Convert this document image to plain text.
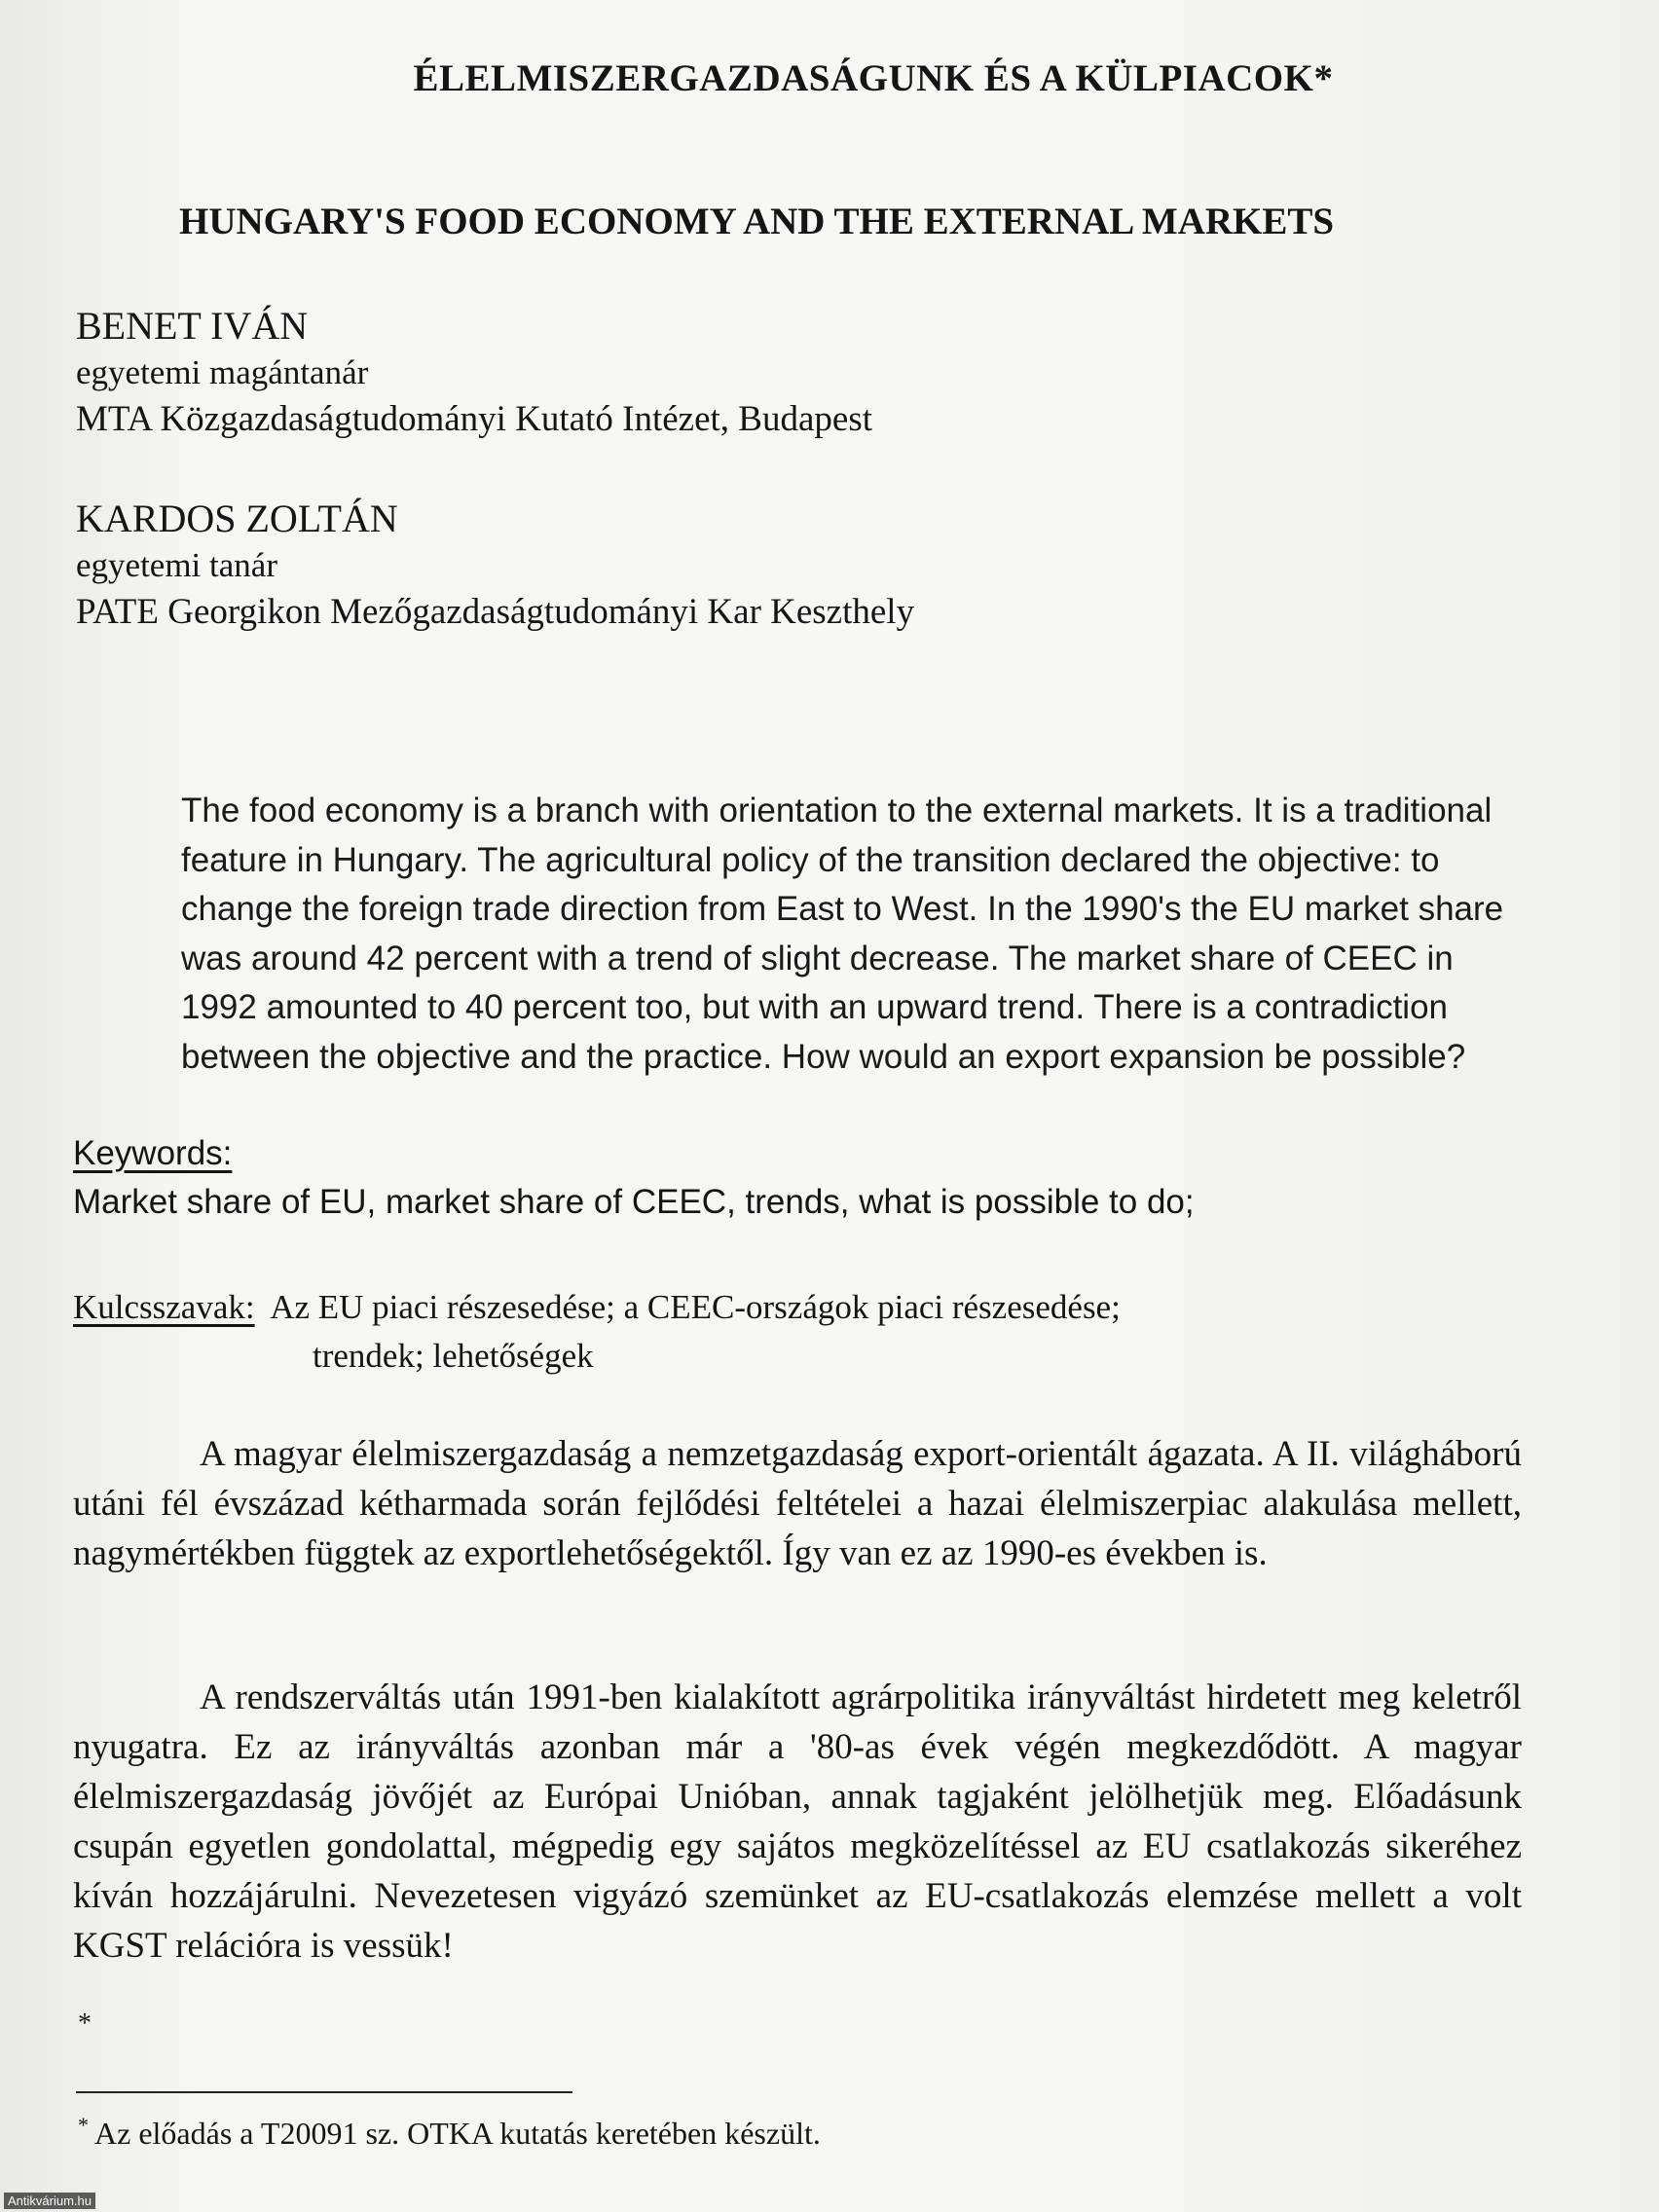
ÉLELMISZERGAZDASÁGUNK ÉS A KÜLPIACOK*
HUNGARY'S FOOD ECONOMY AND THE EXTERNAL MARKETS

BENET IVÁN

egyetemi magántanár

MTA Közgazdaságtudományi Kutató Intézet, Budapest

KARDOS ZOLTÁN

egyetemi tanár

PATE Georgikon Mezőgazdaságtudományi Kar Keszthely

The food economy is a branch with orientation to the external markets. It is a traditional feature in Hungary. The agricultural policy of the transition declared the objective: to change the foreign trade direction from East to West. In the 1990's the EU market share was around 42 percent with a trend of slight decrease. The market share of CEEC in 1992 amounted to 40 percent too, but with an upward trend. There is a contradiction between the objective and the practice. How would an export expansion be possible?

Keywords:

Market share of EU, market share of CEEC, trends, what is possible to do;

Kulcsszavak: Az EU piaci részesedése; a CEEC-országok piaci részesedése;
trendek; lehetőségek

A magyar élelmiszergazdaság a nemzetgazdaság export-orientált ágazata. A II. világháború utáni fél évszázad kétharmada során fejlődési feltételei a hazai élelmiszerpiac alakulása mellett, nagymértékben függtek az exportlehetőségektől. Így van ez az 1990-es években is.

A rendszerváltás után 1991-ben kialakított agrárpolitika irányváltást hirdetett meg keletről nyugatra. Ez az irányváltás azonban már a '80-as évek végén megkezdődött. A magyar élelmiszergazdaság jövőjét az Európai Unióban, annak tagjaként jelölhetjük meg. Előadásunk csupán egyetlen gondolattal, mégpedig egy sajátos megközelítéssel az EU csatlakozás sikeréhez kíván hozzájárulni. Nevezetesen vigyázó szemünket az EU-csatlakozás elemzése mellett a volt KGST relációra is vessük!

*

* Az előadás a T20091 sz. OTKA kutatás keretében készült.

Antikvárium.hu
